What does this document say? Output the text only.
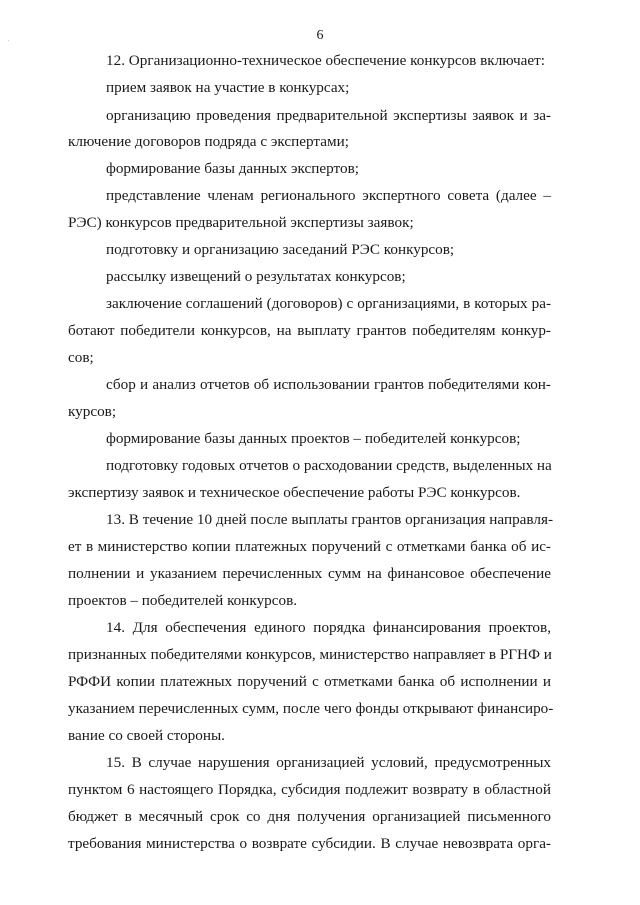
6
12. Организационно-техническое обеспечение конкурсов включает:
прием заявок на участие в конкурсах;
организацию проведения предварительной экспертизы заявок и за-
ключение договоров подряда с экспертами;
формирование базы данных экспертов;
представление членам регионального экспертного совета (далее –
РЭС) конкурсов предварительной экспертизы заявок;
подготовку и организацию заседаний РЭС конкурсов;
рассылку извещений о результатах конкурсов;
заключение соглашений (договоров) с организациями, в которых ра-
ботают победители конкурсов, на выплату грантов победителям конкур-
сов;
сбор и анализ отчетов об использовании грантов победителями кон-
курсов;
формирование базы данных проектов – победителей конкурсов;
подготовку годовых отчетов о расходовании средств, выделенных на
экспертизу заявок и техническое обеспечение работы РЭС конкурсов.
13. В течение 10 дней после выплаты грантов организация направля-
ет в министерство копии платежных поручений с отметками банка об ис-
полнении и указанием перечисленных сумм на финансовое обеспечение
проектов – победителей конкурсов.
14. Для обеспечения единого порядка финансирования проектов,
признанных победителями конкурсов, министерство направляет в РГНФ и
РФФИ копии платежных поручений с отметками банка об исполнении и
указанием перечисленных сумм, после чего фонды открывают финансиро-
вание со своей стороны.
15. В случае нарушения организацией условий, предусмотренных
пунктом 6 настоящего Порядка, субсидия подлежит возврату в областной
бюджет в месячный срок со дня получения организацией письменного
требования министерства о возврате субсидии. В случае невозврата орга-
